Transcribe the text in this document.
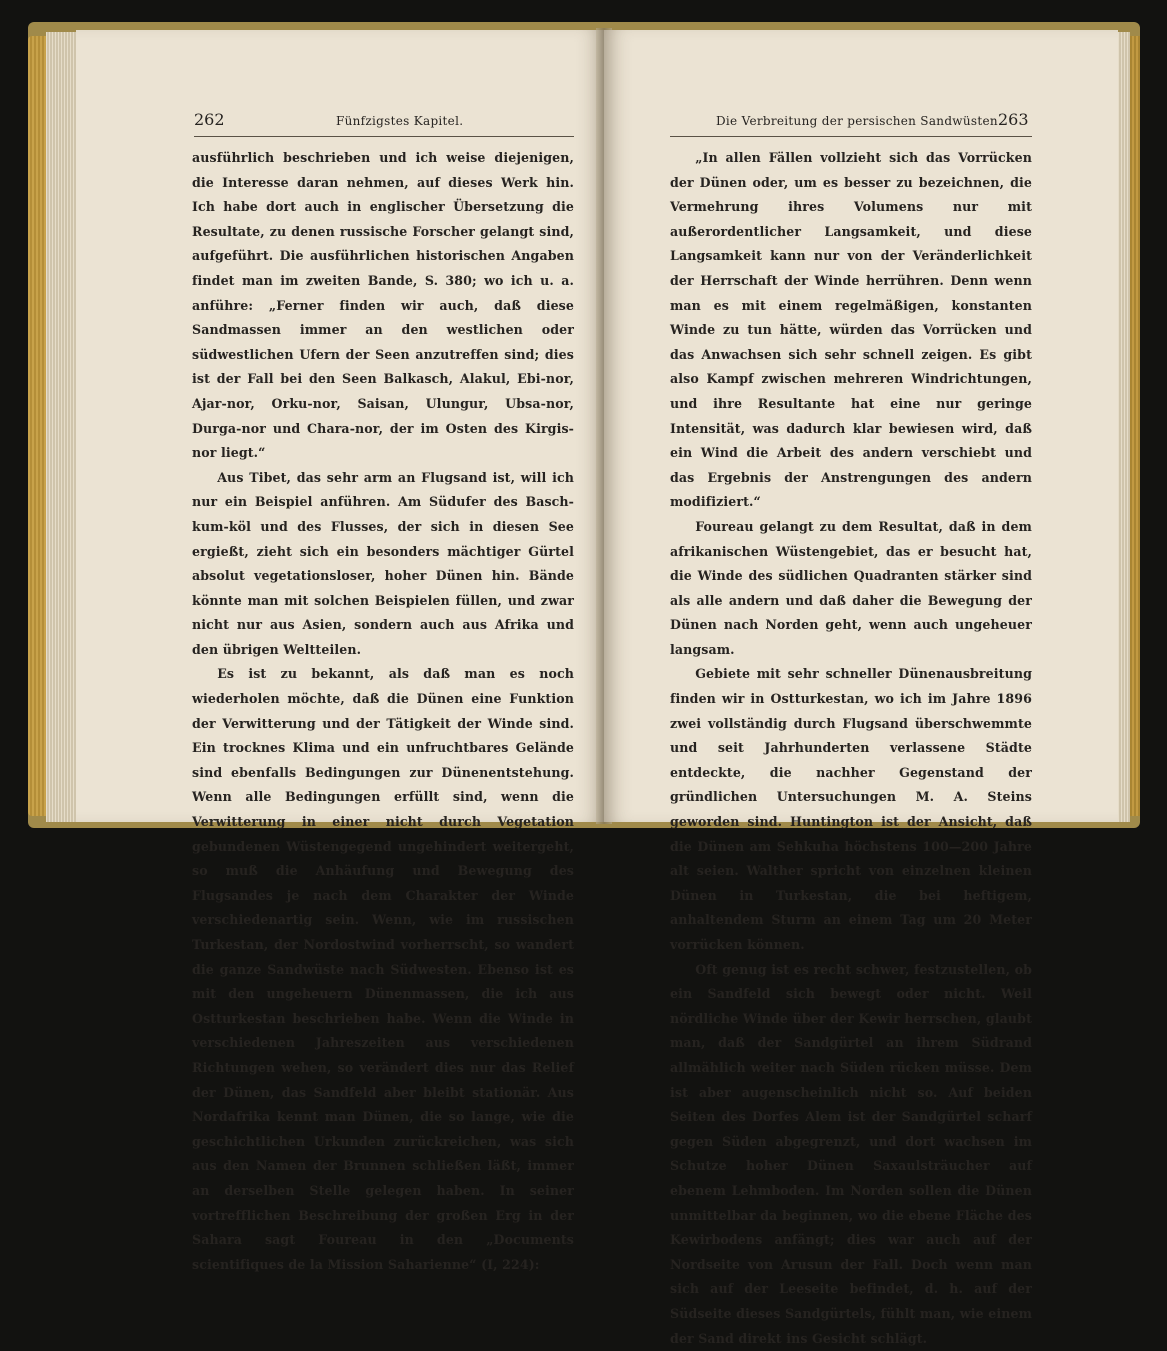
262	Fünfzigstes Kapitel.

ausführlich beschrieben und ich weise diejenigen, die Interesse daran nehmen, auf dieses Werk hin. Ich habe dort auch in englischer Übersetzung die Resultate, zu denen russische Forscher gelangt sind, aufgeführt. Die ausführlichen historischen Angaben findet man im zweiten Bande, S. 380; wo ich u. a. anführe: „Ferner finden wir auch, daß diese Sandmassen immer an den westlichen oder südwestlichen Ufern der Seen anzutreffen sind; dies ist der Fall bei den Seen Balkasch, Alakul, Ebi-nor, Ajar-nor, Orku-nor, Saisan, Ulungur, Ubsa-nor, Durga-nor und Chara-nor, der im Osten des Kirgis-nor liegt.“

Aus Tibet, das sehr arm an Flugsand ist, will ich nur ein Beispiel anführen. Am Südufer des Basch-kum-köl und des Flusses, der sich in diesen See ergießt, zieht sich ein besonders mächtiger Gürtel absolut vegetationsloser, hoher Dünen hin. Bände könnte man mit solchen Beispielen füllen, und zwar nicht nur aus Asien, sondern auch aus Afrika und den übrigen Weltteilen.

Es ist zu bekannt, als daß man es noch wiederholen möchte, daß die Dünen eine Funktion der Verwitterung und der Tätigkeit der Winde sind. Ein trocknes Klima und ein unfruchtbares Gelände sind ebenfalls Bedingungen zur Dünenentstehung. Wenn alle Bedingungen erfüllt sind, wenn die Verwitterung in einer nicht durch Vegetation gebundenen Wüstengegend ungehindert weitergeht, so muß die Anhäufung und Bewegung des Flugsandes je nach dem Charakter der Winde verschiedenartig sein. Wenn, wie im russischen Turkestan, der Nordostwind vorherrscht, so wandert die ganze Sandwüste nach Südwesten. Ebenso ist es mit den ungeheuern Dünenmassen, die ich aus Ostturkestan beschrieben habe. Wenn die Winde in verschiedenen Jahreszeiten aus verschiedenen Richtungen wehen, so verändert dies nur das Relief der Dünen, das Sandfeld aber bleibt stationär. Aus Nordafrika kennt man Dünen, die so lange, wie die geschichtlichen Urkunden zurückreichen, was sich aus den Namen der Brunnen schließen läßt, immer an derselben Stelle gelegen haben. In seiner vortrefflichen Beschreibung der großen Erg in der Sahara sagt Foureau in den „Documents scientifiques de la Mission Saharienne“ (I, 224):

Die Verbreitung der persischen Sandwüsten.
263

„In allen Fällen vollzieht sich das Vorrücken der Dünen oder, um es besser zu bezeichnen, die Vermehrung ihres Volumens nur mit außerordentlicher Langsamkeit, und diese Langsamkeit kann nur von der Veränderlichkeit der Herrschaft der Winde herrühren. Denn wenn man es mit einem regelmäßigen, konstanten Winde zu tun hätte, würden das Vorrücken und das Anwachsen sich sehr schnell zeigen. Es gibt also Kampf zwischen mehreren Windrichtungen, und ihre Resultante hat eine nur geringe Intensität, was dadurch klar bewiesen wird, daß ein Wind die Arbeit des andern verschiebt und das Ergebnis der Anstrengungen des andern modifiziert.“

Foureau gelangt zu dem Resultat, daß in dem afrikanischen Wüstengebiet, das er besucht hat, die Winde des südlichen Quadranten stärker sind als alle andern und daß daher die Bewegung der Dünen nach Norden geht, wenn auch ungeheuer langsam.

Gebiete mit sehr schneller Dünenausbreitung finden wir in Ostturkestan, wo ich im Jahre 1896 zwei vollständig durch Flugsand überschwemmte und seit Jahrhunderten verlassene Städte entdeckte, die nachher Gegenstand der gründlichen Untersuchungen M. A. Steins geworden sind. Huntington ist der Ansicht, daß die Dünen am Sehkuha höchstens 100—200 Jahre alt seien. Walther spricht von einzelnen kleinen Dünen in Turkestan, die bei heftigem, anhaltendem Sturm an einem Tag um 20 Meter vorrücken können.

Oft genug ist es recht schwer, festzustellen, ob ein Sandfeld sich bewegt oder nicht. Weil nördliche Winde über der Kewir herrschen, glaubt man, daß der Sandgürtel an ihrem Südrand allmählich weiter nach Süden rücken müsse. Dem ist aber augenscheinlich nicht so. Auf beiden Seiten des Dorfes Alem ist der Sandgürtel scharf gegen Süden abgegrenzt, und dort wachsen im Schutze hoher Dünen Saxaulsträucher auf ebenem Lehmboden. Im Norden sollen die Dünen unmittelbar da beginnen, wo die ebene Fläche des Kewirbodens anfängt; dies war auch auf der Nordseite von Arusun der Fall. Doch wenn man sich auf der Leeseite befindet, d. h. auf der Südseite dieses Sandgürtels, fühlt man, wie einem der Sand direkt ins Gesicht schlägt.
